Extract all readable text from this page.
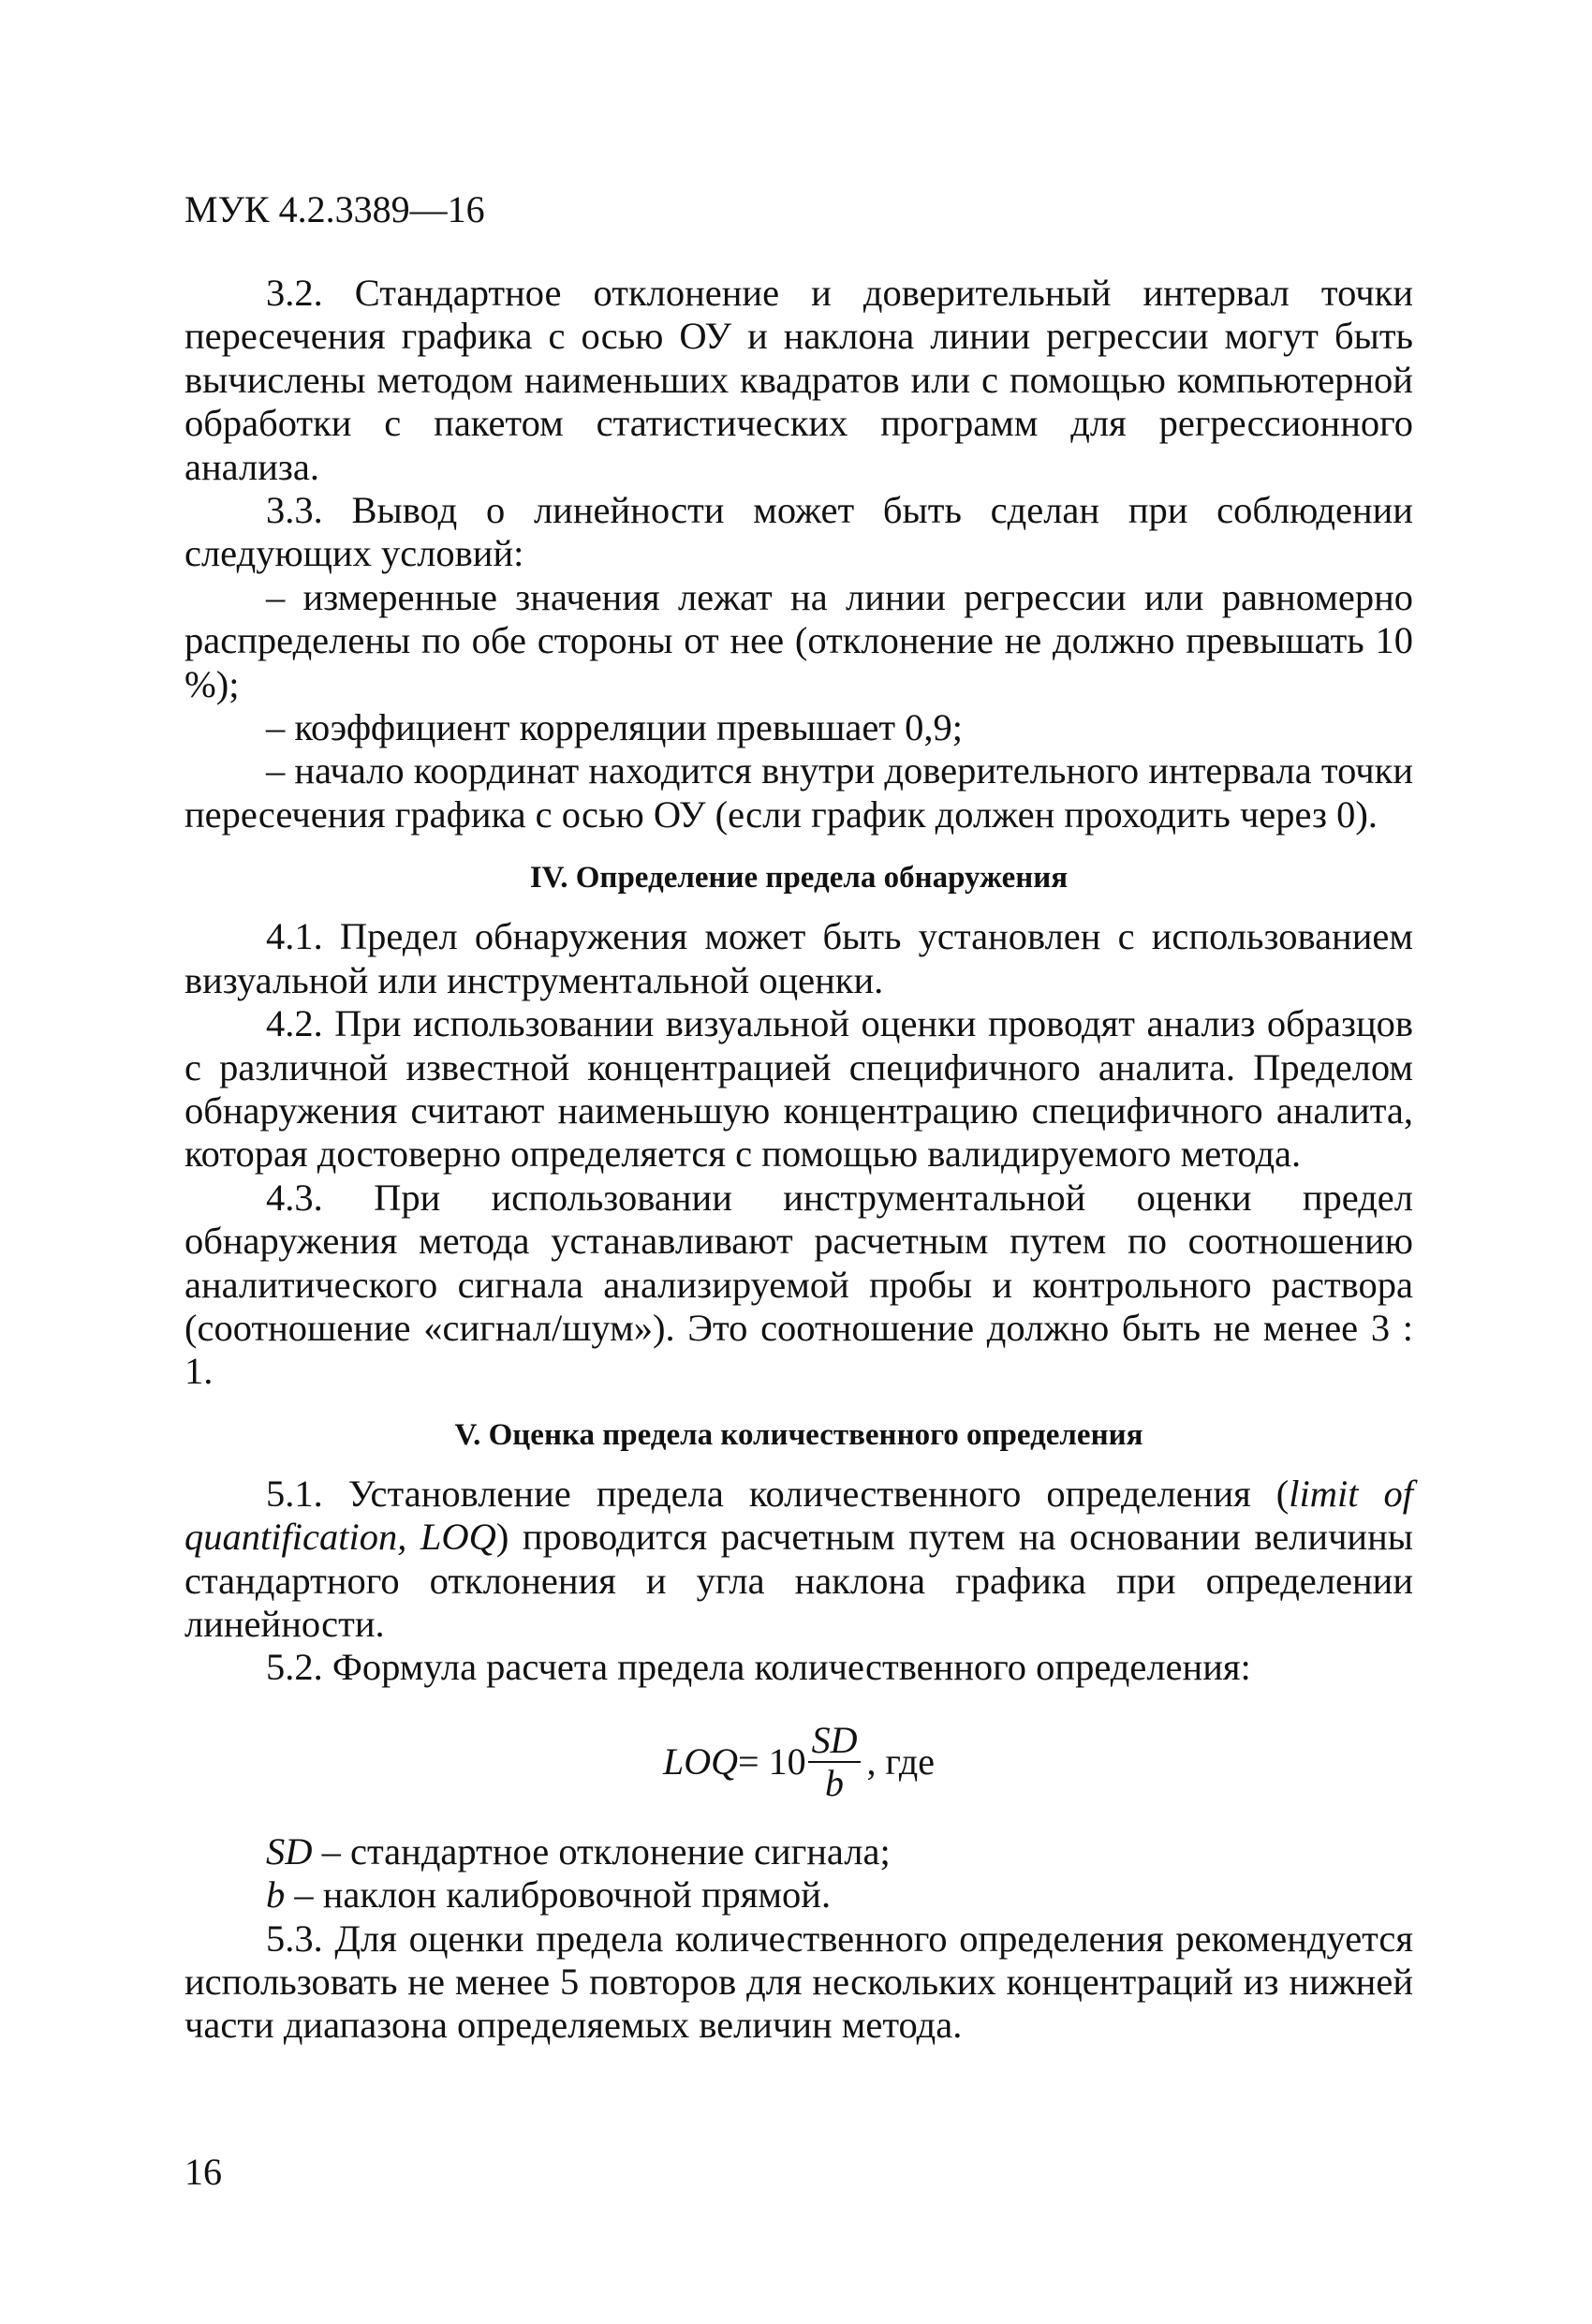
МУК 4.2.3389—16

3.2. Стандартное отклонение и доверительный интервал точки пересечения графика с осью ОУ и наклона линии регрессии могут быть вычислены методом наименьших квадратов или с помощью компьютерной обработки с пакетом статистических программ для регрессионного анализа.

3.3. Вывод о линейности может быть сделан при соблюдении следующих условий:

– измеренные значения лежат на линии регрессии или равномерно распределены по обе стороны от нее (отклонение не должно превышать 10 %);

– коэффициент корреляции превышает 0,9;

– начало координат находится внутри доверительного интервала точки пересечения графика с осью ОУ (если график должен проходить через 0).

IV. Определение предела обнаружения

4.1. Предел обнаружения может быть установлен с использованием визуальной или инструментальной оценки.

4.2. При использовании визуальной оценки проводят анализ образцов с различной известной концентрацией специфичного аналита. Пределом обнаружения считают наименьшую концентрацию специфичного аналита, которая достоверно определяется с помощью валидируемого метода.

4.3. При использовании инструментальной оценки предел обнаружения метода устанавливают расчетным путем по соотношению аналитического сигнала анализируемой пробы и контрольного раствора (соотношение «сигнал/шум»). Это соотношение должно быть не менее 3 : 1.

V. Оценка предела количественного определения

5.1. Установление предела количественного определения (limit of quantification, LOQ) проводится расчетным путем на основании величины стандартного отклонения и угла наклона графика при определении линейности.

5.2. Формула расчета предела количественного определения:

LOQ = $10 \frac{SD}{b}$ , где

SD – стандартное отклонение сигнала;

b – наклон калибровочной прямой.

5.3. Для оценки предела количественного определения рекомендуется использовать не менее 5 повторов для нескольких концентраций из нижней части диапазона определяемых величин метода.

16
